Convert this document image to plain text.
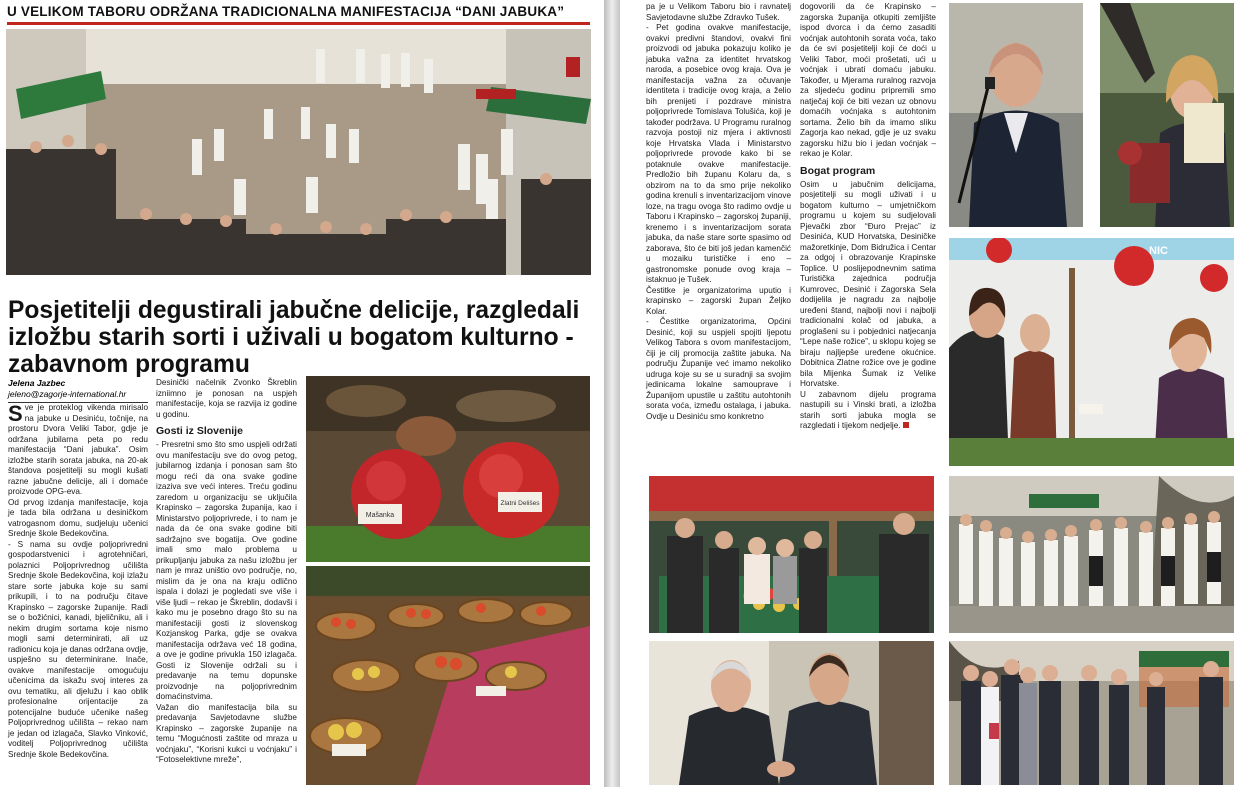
U VELIKOM TABORU ODRŽANA TRADICIONALNA MANIFESTACIJA “DANI JABUKA”
Posjetitelji degustirali jabučne delicije, razgledali izložbu starih sorti i uživali u bogatom kulturno - zabavnom programu
Jelena Jazbec
jeleno@zagorje-international.hr

Sve je protekIog vikenda mirisalo na jabuke u Desiniću, točnije, na prostoru Dvora Veliki Tabor, gdje je održana jubilarna peta po redu manifestacija “Dani jabuka”. Osim izložbe starih sorata jabuka, na 20-ak štandova posjetitelji su mogli kušati razne jabučne delicije, ali i domaće proizvode OPG-eva.

Od prvog izdanja manifestacije, koja je tada bila održana u desiničkom vatrogasnom domu, sudjeluju učenici Srednje škole Bedekovčina.

- S nama su ovdje poljoprivredni gospodarstvenici i agrotehničari, polaznici Poljoprivrednog učilišta Srednje škole Bedekovčina, koji izlažu stare sorte jabuka koje su sami prikupili, i to na području čitave Krapinsko – zagorske županije. Radi se o božićnici, kanadi, bjeličniku, ali i nekim drugim sortama koje nismo mogli sami determinirati, ali uz radionicu koja je danas održana ovdje, uspješno su determinirane. Inače, ovakve manifestacije omogućuju učenicima da iskažu svoj interes za ovu tematiku, ali djelužu i kao oblik profesionalne orijentacije za potencijalne buduće učenike našeg Poljoprivrednog učilišta – rekao nam je jedan od izlagača, Slavko Vinković, voditelj Poljoprivrednog učilišta Srednje škole Bedekovčina.

Desinički načelnik Zvonko Škreblin izniimno je ponosan na uspjeh manifestacije, koja se razvija iz godine u godinu.

Gosti iz Slovenije

- Presretni smo što smo uspjeli održati ovu manifestaciju sve do ovog petog, jubilarnog izdanja i ponosan sam što mogu reći da ona svake godine izaziva sve veći interes. Treću godinu zaredom u organizaciju se uključila Krapinsko – zagorska županija, kao i Ministarstvo poljoprivrede, i to nam je nada da će ona svake godine biti sadržajno sve bogatija. Ove godine imali smo malo problema u prikupljanju jabuka za našu izložbu jer nam je mraz uništio ovo područje, no, mislim da je ona na kraju odlično ispala i dolazi je pogledati sve više i više ljudi – rekao je Škreblin, dodavši i kako mu je posebno drago što su na manifestaciji gosti iz slovenskog Kozjanskog Parka, gdje se ovakva manifestacija održava već 18 godina, a ove je godine privukla 150 izlagača. Gosti iz Slovenije održali su i predavanje na temu dopunske proizvodnje na poljoprivrednim domaćinstvima.

Važan dio manifestacija bila su predavanja Savjetodavne službe Krapinsko – zagorske županije na temu “Mogućnosti zaštite od mraza u voćnjaku”, “Korisni kukci u voćnjaku” i “Fotoselektivne mreže”,

Mašanka
Zlatni Delišes

pa je u Velikom Taboru bio i ravnatelj Savjetodavne službe Zdravko Tušek.

- Pet godina ovakve manifestacije, ovakvi predivni štandovi, ovakvi fini proizvodi od jabuka pokazuju koliko je jabuka važna za identitet hrvatskog naroda, a posebice ovog kraja. Ova je manifestacija važna za očuvanje identiteta i tradicije ovog kraja, a želio bih prenijeti i pozdrave ministra poljoprivrede Tomislava Tolušića, koji je također podržava. U Programu ruralnog razvoja postoji niz mjera i aktivnosti koje Hrvatska Vlada i Ministarstvo poljoprivrede provode kako bi se potaknule ovakve manifestacije. Predložio bih županu Kolaru da, s obzirom na to da smo prije nekoliko godina krenuli s inventarizacijom vinove loze, na tragu ovoga što radimo ovdje u Taboru i Krapinsko – zagorskoj županiji, krenemo i s inventarizacijom sorata jabuka, da naše stare sorte spasimo od zaborava, što će biti još jedan kamenčić u mozaiku turističke i eno – gastronomske ponude ovog kraja – istaknuo je Tušek.

Čestitke je organizatorima uputio i krapinsko – zagorski župan Željko Kolar.

- Čestitke organizatorima, Općini Desinić, koji su uspjeli spojiti ljepotu Velikog Tabora s ovom manifestacijom, čiji je cilj promocija zaštite jabuka. Na području Županije već imamo nekoliko udruga koje su se u suradnji sa svojim jedinicama lokalne samouprave i Županijom upustile u zaštitu autohtonih sorata voća, između ostalaga, i jabuka. Ovdje u Desiniću smo konkretno

dogovorili da će Krapinsko – zagorska županija otkupiti zemljište ispod dvorca i da ćemo zasaditi voćnjak autohtonih sorata voća, tako da će svi posjetitelji koji će doći u Veliki Tabor, moći prošetati, ući u voćnjak i ubrati domaću jabuku. Također, u Mjerama ruralnog razvoja za sljedeću godinu pripremili smo natječaj koji će biti vezan uz obnovu domaćih voćnjaka s autohtonim sortama. Želio bih da imamo sliku Zagorja kao nekad, gdje je uz svaku zagorsku hižu bio i jedan voćnjak – rekao je Kolar.

Bogat program

Osim u jabučnim delicijama, posjetitelji su mogli uživati i u bogatom kulturno – umjetničkom programu u kojem su sudjelovali Pjevački zbor “Đuro Prejac” iz Desinića, KUD Horvatska, Desiničke mažoretkinje, Dom Bidružica i Centar za odgoj i obrazovanje Krapinske Toplice. U poslijepodnevnim satima Turistička zajednica područja Kumrovec, Desinić i Zagorska Sela dodijelila je nagradu za najbolje uređeni štand, najbolji novi i najbolji tradicionalni kolač od jabuka, a proglašeni su i pobjednici natjecanja “Lepe naše rožice”, u sklopu kojeg se biraju najljepše uređene okućnice. Dobitnica Zlatne rožice ove je godine bila Mijenka Šumak iz Velike Horvatske.

U zabavnom dijelu programa nastupili su i Vinski brati, a izložba starih sorti jabuka mogla se razgledati i tijekom nedjelje.

NIC
